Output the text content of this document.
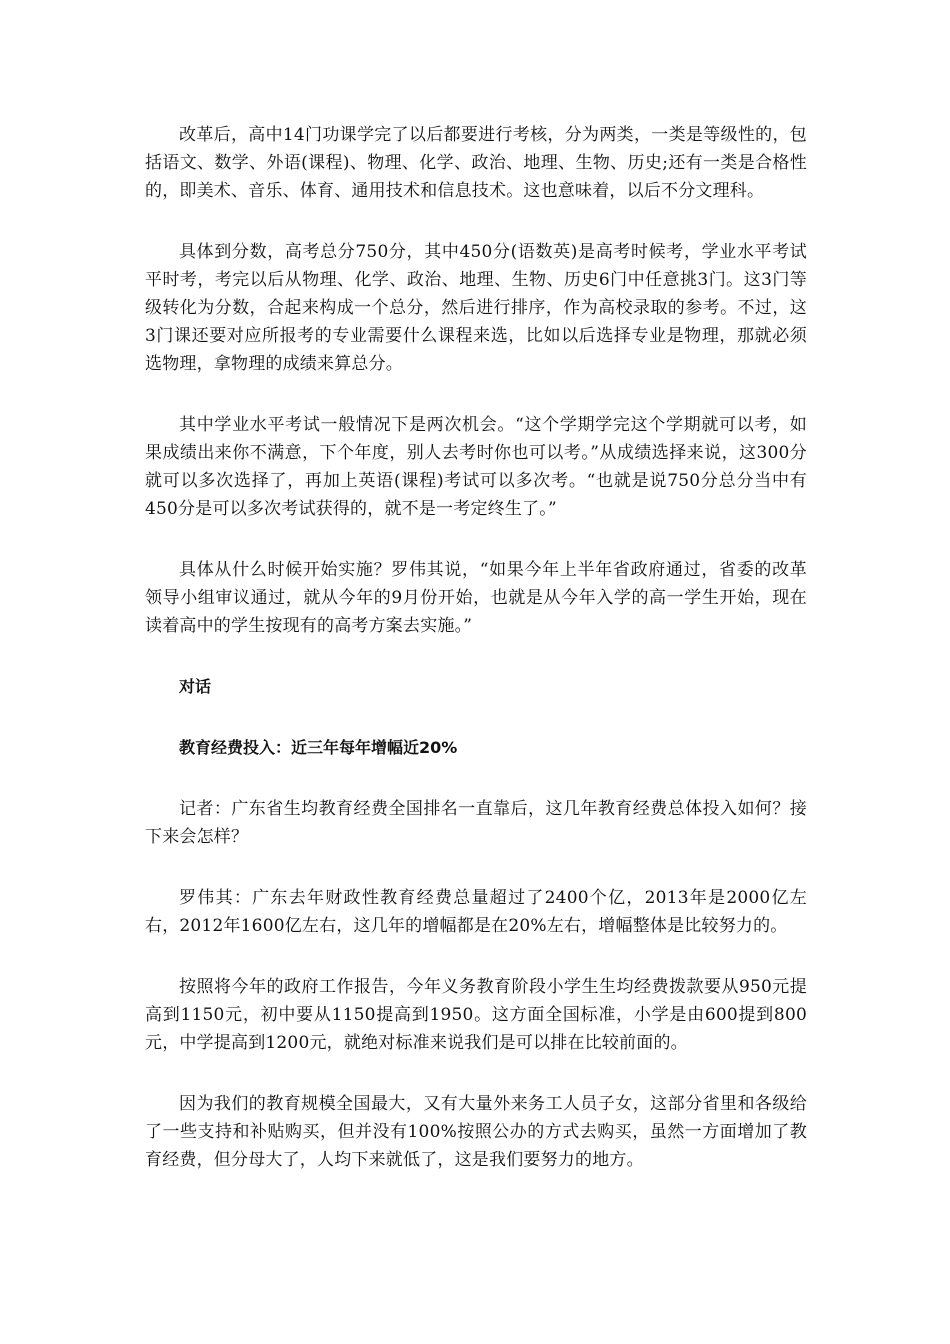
改革后，高中14门功课学完了以后都要进行考核，分为两类，一类是等级性的，包括语文、数学、外语(课程)、物理、化学、政治、地理、生物、历史;还有一类是合格性的，即美术、音乐、体育、通用技术和信息技术。这也意味着，以后不分文理科。

具体到分数，高考总分750分，其中450分(语数英)是高考时候考，学业水平考试平时考，考完以后从物理、化学、政治、地理、生物、历史6门中任意挑3门。这3门等级转化为分数，合起来构成一个总分，然后进行排序，作为高校录取的参考。不过，这3门课还要对应所报考的专业需要什么课程来选，比如以后选择专业是物理，那就必须选物理，拿物理的成绩来算总分。

其中学业水平考试一般情况下是两次机会。“这个学期学完这个学期就可以考，如果成绩出来你不满意，下个年度，别人去考时你也可以考。”从成绩选择来说，这300分就可以多次选择了，再加上英语(课程)考试可以多次考。“也就是说750分总分当中有450分是可以多次考试获得的，就不是一考定终生了。”

具体从什么时候开始实施？罗伟其说，“如果今年上半年省政府通过，省委的改革领导小组审议通过，就从今年的9月份开始，也就是从今年入学的高一学生开始，现在读着高中的学生按现有的高考方案去实施。”

对话

教育经费投入：近三年每年增幅近20%

记者：广东省生均教育经费全国排名一直靠后，这几年教育经费总体投入如何？接下来会怎样？

罗伟其：广东去年财政性教育经费总量超过了2400个亿，2013年是2000亿左右，2012年1600亿左右，这几年的增幅都是在20%左右，增幅整体是比较努力的。

按照将今年的政府工作报告，今年义务教育阶段小学生生均经费拨款要从950元提高到1150元，初中要从1150提高到1950。这方面全国标准，小学是由600提到800元，中学提高到1200元，就绝对标准来说我们是可以排在比较前面的。

因为我们的教育规模全国最大，又有大量外来务工人员子女，这部分省里和各级给了一些支持和补贴购买，但并没有100%按照公办的方式去购买，虽然一方面增加了教育经费，但分母大了，人均下来就低了，这是我们要努力的地方。
